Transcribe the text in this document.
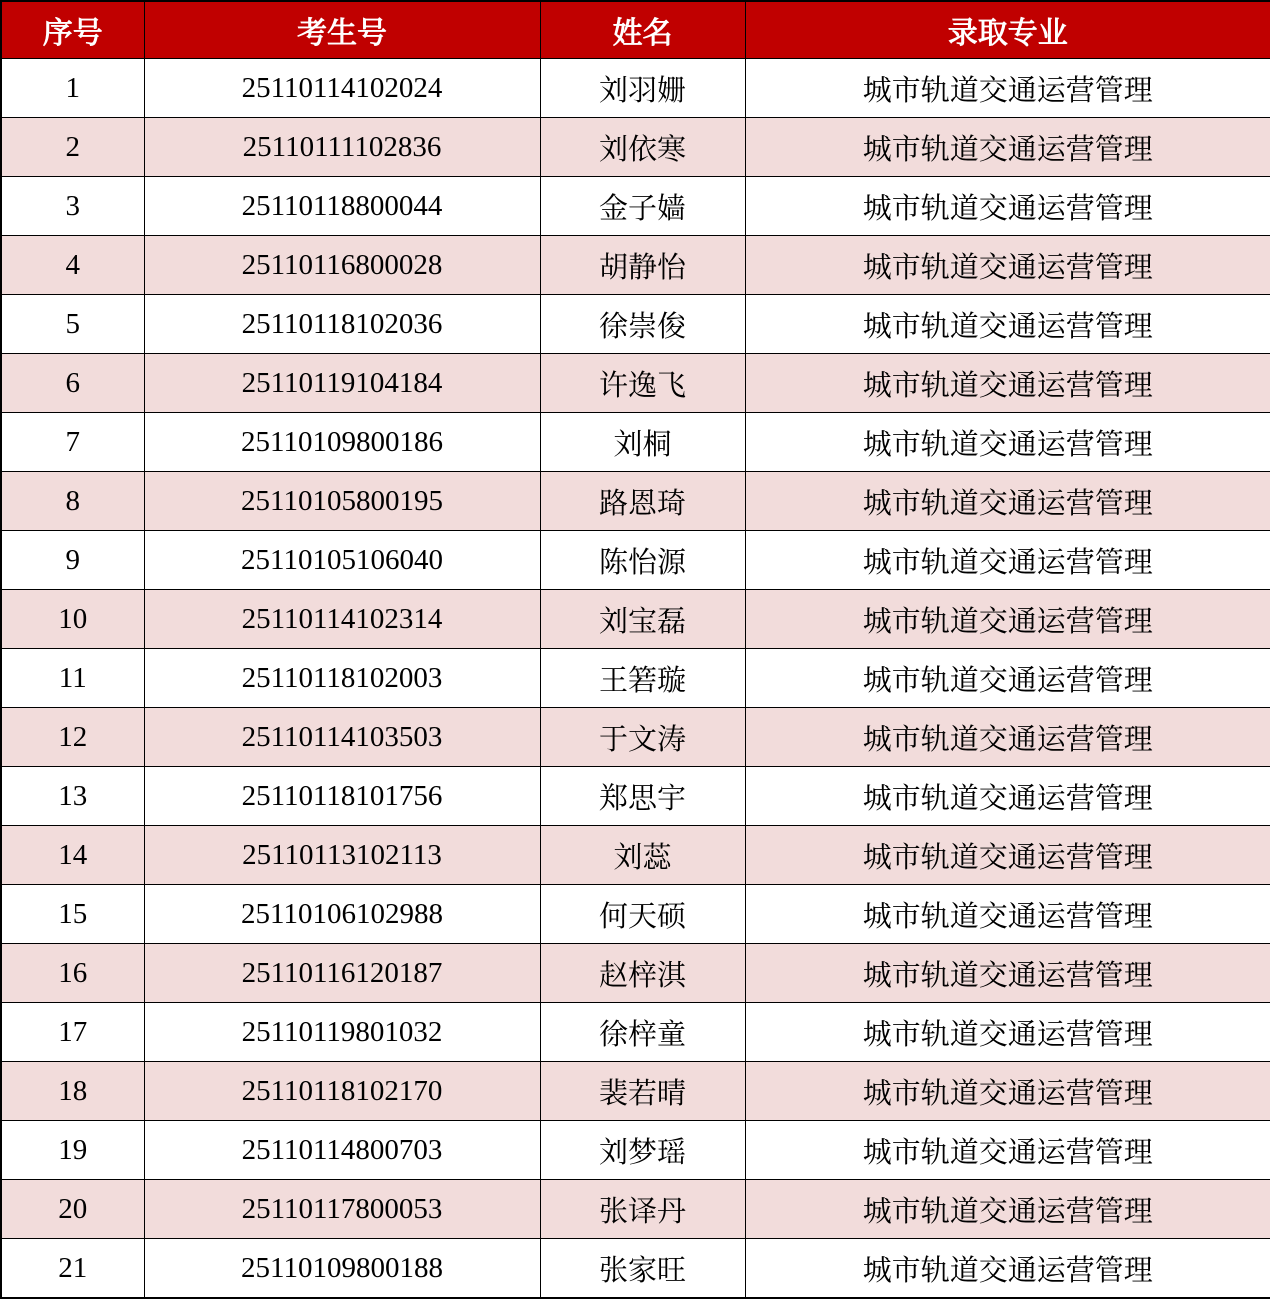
序号	考生号	姓名	录取专业
1	25110114102024	刘羽姗	城市轨道交通运营管理
2	25110111102836	刘依寒	城市轨道交通运营管理
3	25110118800044	金子嫱	城市轨道交通运营管理
4	25110116800028	胡静怡	城市轨道交通运营管理
5	25110118102036	徐崇俊	城市轨道交通运营管理
6	25110119104184	许逸飞	城市轨道交通运营管理
7	25110109800186	刘桐	城市轨道交通运营管理
8	25110105800195	路恩琦	城市轨道交通运营管理
9	25110105106040	陈怡源	城市轨道交通运营管理
10	25110114102314	刘宝磊	城市轨道交通运营管理
11	25110118102003	王箬璇	城市轨道交通运营管理
12	25110114103503	于文涛	城市轨道交通运营管理
13	25110118101756	郑思宇	城市轨道交通运营管理
14	25110113102113	刘蕊	城市轨道交通运营管理
15	25110106102988	何天硕	城市轨道交通运营管理
16	25110116120187	赵梓淇	城市轨道交通运营管理
17	25110119801032	徐梓童	城市轨道交通运营管理
18	25110118102170	裴若晴	城市轨道交通运营管理
19	25110114800703	刘梦瑶	城市轨道交通运营管理
20	25110117800053	张译丹	城市轨道交通运营管理
21	25110109800188	张家旺	城市轨道交通运营管理
